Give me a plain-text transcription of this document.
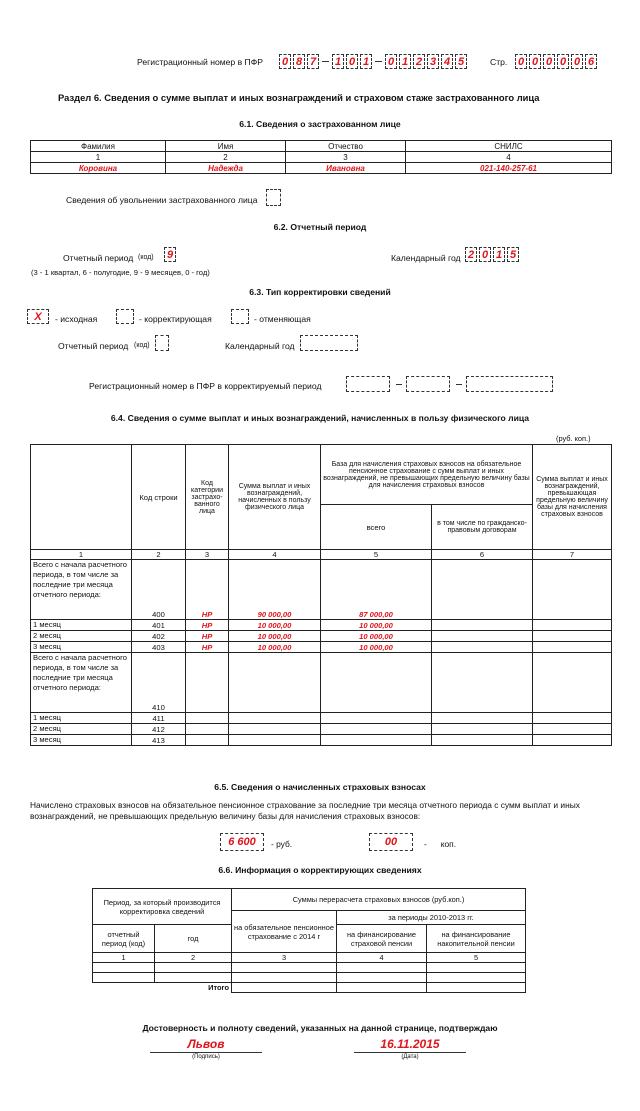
Регистрационный номер в ПФР 0 8 7 1 0 1 0 1 2 3 4 5	Стр. 0 0 0 0 0 6
Раздел 6. Сведения о сумме выплат и иных вознаграждений и страховом стаже застрахованного лица
6.1. Сведения о застрахованном лице
Фамилия	Имя	Отчество	СНИЛС
1	2	3	4
Коровина	Надежда	Ивановна	021-140-257-61
Сведения об увольнении застрахованного лица
6.2. Отчетный период
Отчетный период (код) 9
(3 - 1 квартал, 6 - полугодие, 9 - 9 месяцев, 0 - год)
Календарный год 2 0 1 5
6.3. Тип корректировки сведений
X	- исходная	- корректирующая	- отменяющая
Отчетный период (код)	Календарный год
Регистрационный номер в ПФР в корректируемый период
6.4. Сведения о сумме выплат и иных вознаграждений, начисленных в пользу физического лица
(руб. коп.)
	Код строки	Код категории застрахо-ванного лица	Сумма выплат и иных вознаграждений, начисленных в пользу физического лица	База для начисления страховых взносов на обязательное пенсионное страхование с сумм выплат и иных вознаграждений, не превышающих предельную величину базы для начисления страховых взносов		Сумма выплат и иных вознаграждений, превышающая предельную величину базы для начисления страховых взносов
				всего	в том числе по гражданско-правовым договорам	
1	2	3	4	5	6	7
Всего с начала расчетного периода, в том числе за последние три месяца отчетного периода:	400	НР	90 000,00	87 000,00		
1 месяц	401	НР	10 000,00	10 000,00		
2 месяц	402	НР	10 000,00	10 000,00		
3 месяц	403	НР	10 000,00	10 000,00		
Всего с начала расчетного периода, в том числе за последние три месяца отчетного периода:	410					
1 месяц	411					
2 месяц	412					
3 месяц	413					
6.5. Сведения о начисленных страховых взносах
Начислено страховых взносов на обязательное пенсионное страхование за последние три месяца отчетного периода с сумм выплат и иных вознаграждений, не превышающих предельную величину базы для начисления страховых взносов:
6 600	- руб.	00	-      коп.
6.6. Информация о корректирующих сведениях
Период, за который производится корректировка сведений		Суммы перерасчета страховых взносов (руб.коп.)		
		на обязательное пенсионное страхование с 2014 г	за периоды 2010-2013 гг.	
отчетный период (код)	год		на финансирование страховой пенсии	на финансирование накопительной пенсии
1	2	3	4	5

	Итого			
Достоверность и полноту сведений, указанных на данной странице, подтверждаю
Львов
(Подпись)
16.11.2015
(Дата)
